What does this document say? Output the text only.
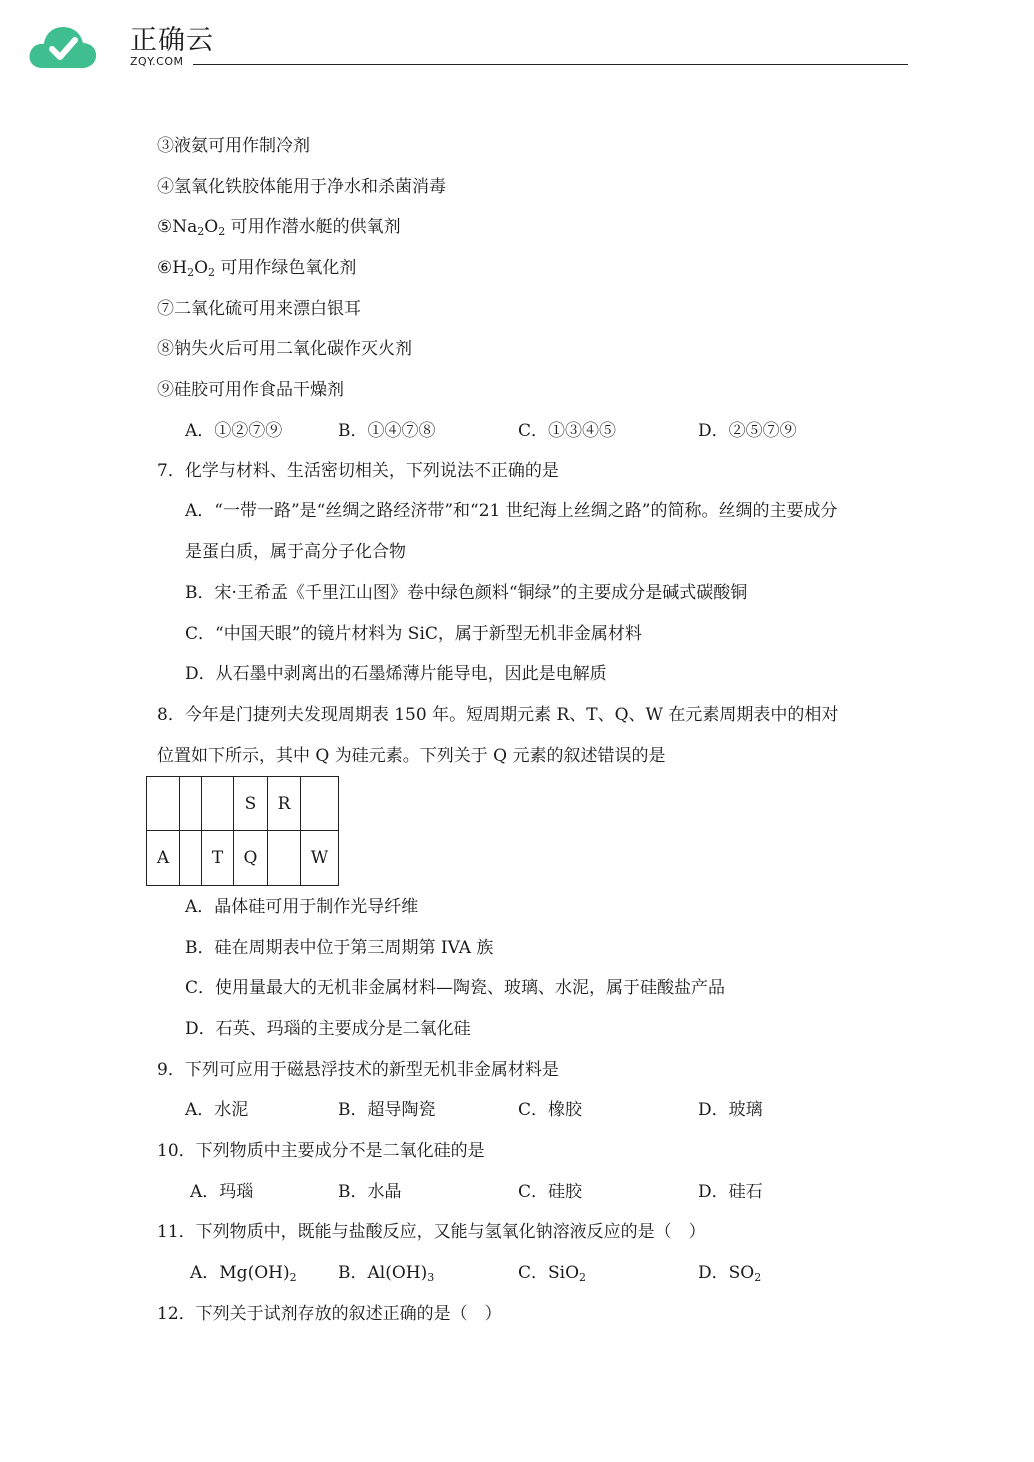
正确云
ZQY.COM
③液氨可用作制冷剂
④氢氧化铁胶体能用于净水和杀菌消毒
$⑤Na_2O_2$ 可用作潜水艇的供氧剂
$⑥H_2O_2$ 可用作绿色氧化剂
⑦二氧化硫可用来漂白银耳
⑧钠失火后可用二氧化碳作灭火剂
⑨硅胶可用作食品干燥剂
A．①②⑦⑨	B．①④⑦⑧	C．①③④⑤	D．②⑤⑦⑨
7．化学与材料、生活密切相关，下列说法不正确的是
A．“一带一路”是“丝绸之路经济带”和“21 世纪海上丝绸之路”的简称。丝绸的主要成分
是蛋白质，属于高分子化合物
B．宋·王希孟《千里江山图》卷中绿色颜料“铜绿”的主要成分是碱式碳酸铜
C．“中国天眼”的镜片材料为 SiC，属于新型无机非金属材料
D．从石墨中剥离出的石墨烯薄片能导电，因此是电解质
8．今年是门捷列夫发现周期表 150 年。短周期元素 R、T、Q、W 在元素周期表中的相对
位置如下所示，其中 Q 为硅元素。下列关于 Q 元素的叙述错误的是
			S	R	
A		T	Q		W
A．晶体硅可用于制作光导纤维
B．硅在周期表中位于第三周期第 IVA 族
C．使用量最大的无机非金属材料—陶瓷、玻璃、水泥，属于硅酸盐产品
D．石英、玛瑙的主要成分是二氧化硅
9．下列可应用于磁悬浮技术的新型无机非金属材料是
A．水泥	B．超导陶瓷	C．橡胶	D．玻璃
10．下列物质中主要成分不是二氧化硅的是
A．玛瑙	B．水晶	C．硅胶	D．硅石
11．下列物质中，既能与盐酸反应，又能与氢氧化钠溶液反应的是（　）
A．$Mg(OH)_2$ B．$Al(OH)_3$	C．SiO$_2$	D．$SO_2$
12．下列关于试剂存放的叙述正确的是（　）
